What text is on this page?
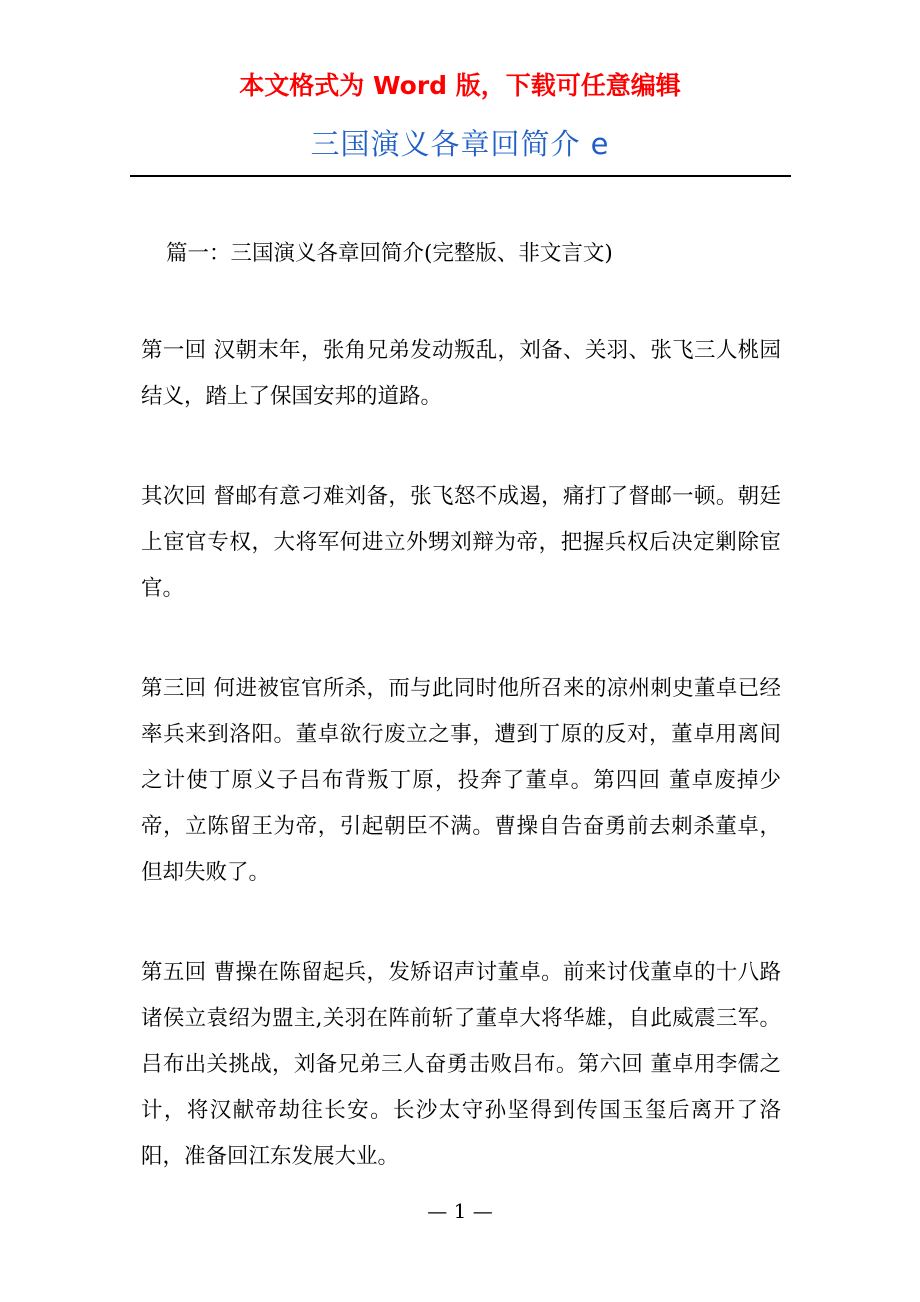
本文格式为 Word 版，下载可任意编辑
三国演义各章回简介 e
篇一：三国演义各章回简介(完整版、非文言文)

第一回 汉朝末年，张角兄弟发动叛乱，刘备、关羽、张飞三人桃园结义，踏上了保国安邦的道路。

其次回 督邮有意刁难刘备，张飞怒不成遏，痛打了督邮一顿。朝廷上宦官专权，大将军何进立外甥刘辩为帝，把握兵权后决定剿除宦官。

第三回 何进被宦官所杀，而与此同时他所召来的凉州刺史董卓已经率兵来到洛阳。董卓欲行废立之事，遭到丁原的反对，董卓用离间之计使丁原义子吕布背叛丁原，投奔了董卓。第四回 董卓废掉少帝，立陈留王为帝，引起朝臣不满。曹操自告奋勇前去刺杀董卓，但却失败了。

第五回 曹操在陈留起兵，发矫诏声讨董卓。前来讨伐董卓的十八路诸侯立袁绍为盟主,关羽在阵前斩了董卓大将华雄，自此威震三军。吕布出关挑战，刘备兄弟三人奋勇击败吕布。第六回 董卓用李儒之计，将汉献帝劫往长安。长沙太守孙坚得到传国玉玺后离开了洛阳，准备回江东发展大业。

— 1 —
